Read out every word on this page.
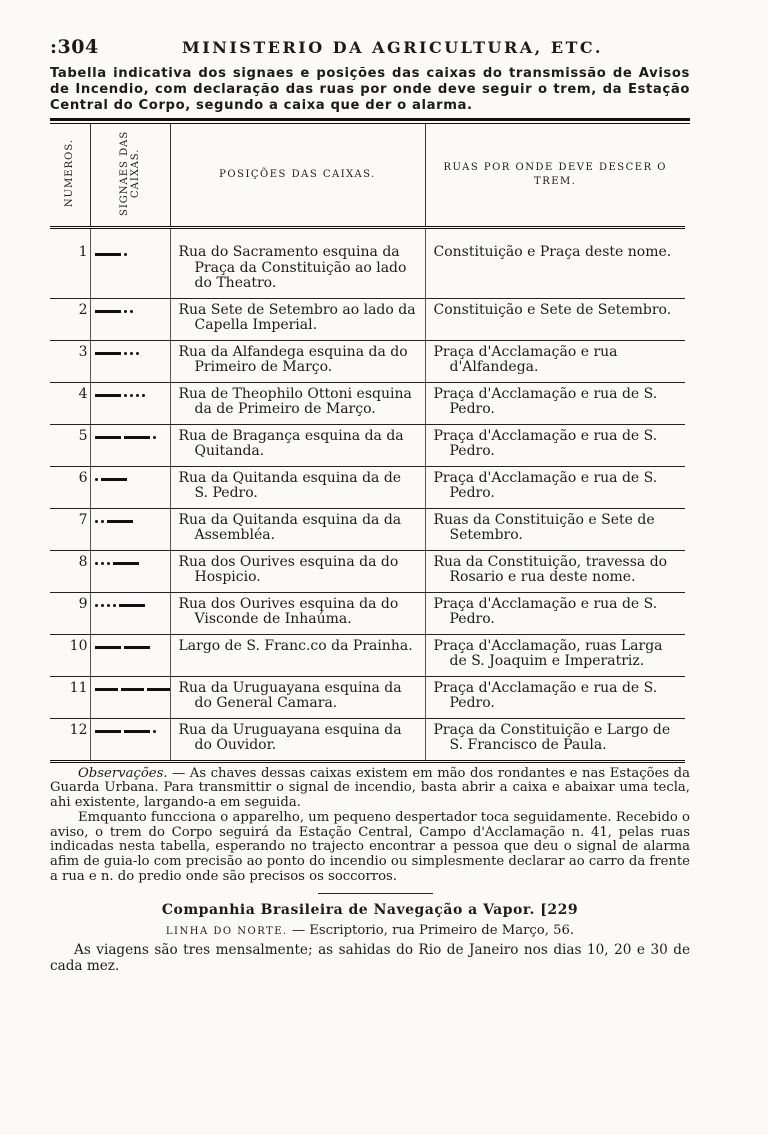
:304	MINISTERIO DA AGRICULTURA, ETC.

Tabella indicativa dos signaes e posições das caixas do transmissão de Avisos de Incendio, com declaração das ruas por onde deve seguir o trem, da Estação Central do Corpo, segundo a caixa que der o alarma.

NUMEROS.	SIGNAES DAS CAIXAS.	POSIÇÕES DAS CAIXAS.	RUAS POR ONDE DEVE DESCER O TREM.

1		Rua do Sacramento esquina da Praça da Constituição ao lado do Theatro.	Constituição e Praça deste nome.

2		Rua Sete de Setembro ao lado da Capella Imperial.	Constituição e Sete de Setembro.

3		Rua da Alfandega esquina da do Primeiro de Março.	Praça d'Acclamação e rua d'Alfandega.

4		Rua de Theophilo Ottoni esquina da de Primeiro de Março.	Praça d'Acclamação e rua de S. Pedro.

5		Rua de Bragança esquina da da Quitanda.	Praça d'Acclamação e rua de S. Pedro.

6		Rua da Quitanda esquina da de S. Pedro.	Praça d'Acclamação e rua de S. Pedro.

7		Rua da Quitanda esquina da da Assembléa.	Ruas da Constituição e Sete de Setembro.

8		Rua dos Ourives esquina da do Hospicio.	Rua da Constituição, travessa do Rosario e rua deste nome.

9		Rua dos Ourives esquina da do Visconde de Inhaúma.	Praça d'Acclamação e rua de S. Pedro.

10		Largo de S. Franc.co da Prainha.	Praça d'Acclamação, ruas Larga de S. Joaquim e Imperatriz.

11		Rua da Uruguayana esquina da do General Camara.	Praça d'Acclamação e rua de S. Pedro.

12		Rua da Uruguayana esquina da do Ouvidor.	Praça da Constituição e Largo de S. Francisco de Paula.

Observações. — As chaves dessas caixas existem em mão dos rondantes e nas Estações da Guarda Urbana. Para transmittir o signal de incendio, basta abrir a caixa e abaixar uma tecla, ahi existente, largando-a em seguida.

Emquanto funcciona o apparelho, um pequeno despertador toca seguidamente. Recebido o aviso, o trem do Corpo seguirá da Estação Central, Campo d'Acclamação n. 41, pelas ruas indicadas nesta tabella, esperando no trajecto encontrar a pessoa que deu o signal de alarma afim de guia-lo com precisão ao ponto do incendio ou simplesmente declarar ao carro da frente a rua e n. do predio onde são precisos os soccorros.

Companhia Brasileira de Navegação a Vapor. [229
LINHA DO NORTE. — Escriptorio, rua Primeiro de Março, 56.

As viagens são tres mensalmente; as sahidas do Rio de Janeiro nos dias 10, 20 e 30 de cada mez.
